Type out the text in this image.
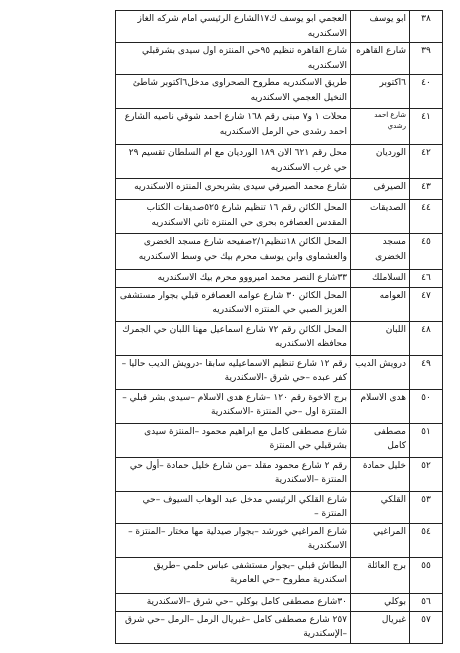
٣٨	ابو يوسف	العجمي ابو يوسف ك١٧الشارع الرئيسي امام شركه الغاز الاسكندريه
٣٩	شارع القاهره	شارع القاهره تنظيم ٩٥حي المنتزه اول سيدى بشرقبلي الاسكندريه
٤٠	٦اكتوبر	طريق الاسكندريه مطروح الصحراوى مدخل٦اكتوبر شاطئ النخيل العجمي الاسكندريه
٤١	شارع احمد رشدي	محلات ١ و٧ مبنى رقم ١٦٨ شارع احمد شوقي ناصيه الشارع احمد رشدى حي الرمل الاسكندريه
٤٢	الورديان	محل رقم ٦٢١ الان ١٨٩ الورديان مع ام السلطان تقسيم ٢٩ حي غرب الاسكندريه
٤٣	الصيرفى	شارع محمد الصيرفي سيدى بشربحرى المنتزه الاسكندريه
٤٤	الصديقات	المحل الكائن رقم ١٦ تنظيم شارع ٥٢٥صديقات الكتاب المقدس العصافره بحرى حي المنتزه ثاني الاسكندريه
٤٥	مسجد الخضرى	المحل الكائن ١٨تنظيم٢/١صفيحه شارع مسجد الخضرى والعشماوى وابن يوسف محرم بيك حي وسط الاسكندريه
٤٦	السلاملك	٣٣شارع النصر محمد اميرووو محرم بيك الاسكندريه
٤٧	العوامه	المحل الكائن ٣٠ شارع عوامه العصافره قبلي بجوار مستشفى العزيز الصبي حي المنتزه الاسكندريه
٤٨	اللبان	المحل الكائن رقم ٧٢ شارع اسماعيل مهنا اللبان حي الجمرك محافظه الاسكندريه
٤٩	درويش الديب	رقم ١٢ شارع تنظيم الاسماعيليه سابقا -درويش الديب حاليا –كفر عبده –حي شرق -الاسكندرية
٥٠	هدى الاسلام	برج الاخوة رقم ١٢٠ –شارع هدى الاسلام –سيدى بشر قبلي – المنتزة اول –حي المنتزة -الاسكندرية
٥١	مصطفى كامل	شارع مصطفى كامل مع ابراهيم محمود –المنتزة سيدى بشرقبلي حي المنتزة
٥٢	خليل حمادة	رقم ٢ شارع محمود مقلد –من شارع خليل حمادة –أول حي المنتزة –الاسكندرية
٥٣	القلكي	شارع القلكي الرئيسي مدخل عبد الوهاب السيوف –حي المنتزة –
٥٤	المراغيي	شارع المراغيي خورشد –بجوار صيدلية مها مختار –المنتزة – الاسكندرية
٥٥	برج العائلة	البطاش قبلي –بجوار مستشفى عباس حلمي –طريق اسكندرية مطروح –حي العامرية
٥٦	بوكلي	٣٠شارع مصطفى كامل بوكلي –حي شرق –الاسكندرية
٥٧	غبريال	٢٥٧ شارع مصطفى كامل –غبريال الرمل –الرمل –حي شرق –الإسكندرية
